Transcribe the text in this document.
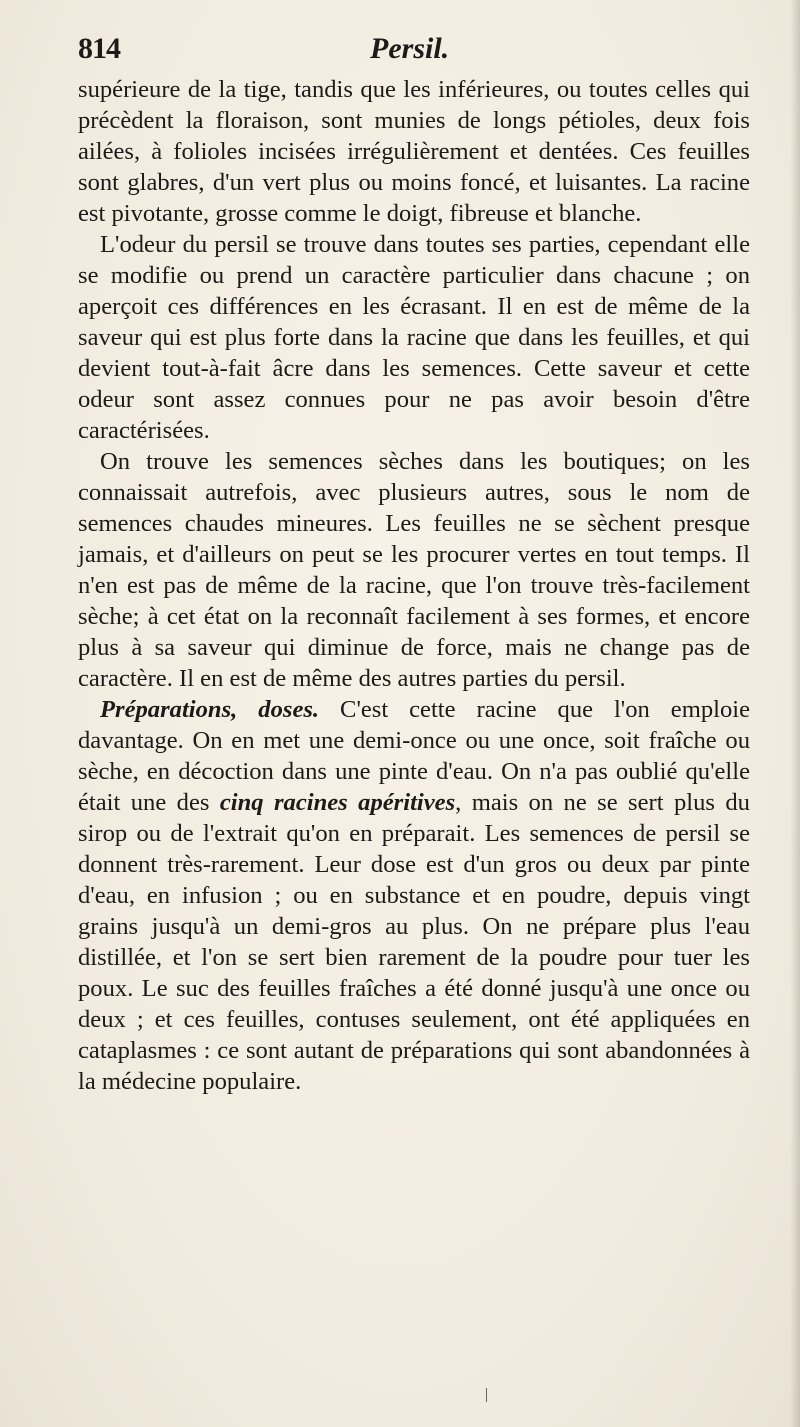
814	Persil.

supérieure de la tige, tandis que les inférieures, ou toutes celles qui précèdent la floraison, sont munies de longs pétioles, deux fois ailées, à folioles incisées irrégulièrement et dentées. Ces feuilles sont glabres, d'un vert plus ou moins foncé, et luisantes. La racine est pivotante, grosse comme le doigt, fibreuse et blanche.

L'odeur du persil se trouve dans toutes ses parties, cependant elle se modifie ou prend un caractère particulier dans chacune ; on aperçoit ces différences en les écrasant. Il en est de même de la saveur qui est plus forte dans la racine que dans les feuilles, et qui devient tout-à-fait âcre dans les semences. Cette saveur et cette odeur sont assez connues pour ne pas avoir besoin d'être caractérisées.

On trouve les semences sèches dans les boutiques; on les connaissait autrefois, avec plusieurs autres, sous le nom de semences chaudes mineures. Les feuilles ne se sèchent presque jamais, et d'ailleurs on peut se les procurer vertes en tout temps. Il n'en est pas de même de la racine, que l'on trouve très-facilement sèche; à cet état on la reconnaît facilement à ses formes, et encore plus à sa saveur qui diminue de force, mais ne change pas de caractère. Il en est de même des autres parties du persil.

Préparations, doses. C'est cette racine que l'on emploie davantage. On en met une demi-once ou une once, soit fraîche ou sèche, en décoction dans une pinte d'eau. On n'a pas oublié qu'elle était une des cinq racines apéritives, mais on ne se sert plus du sirop ou de l'extrait qu'on en préparait. Les semences de persil se donnent très-rarement. Leur dose est d'un gros ou deux par pinte d'eau, en infusion ; ou en substance et en poudre, depuis vingt grains jusqu'à un demi-gros au plus. On ne prépare plus l'eau distillée, et l'on se sert bien rarement de la poudre pour tuer les poux. Le suc des feuilles fraîches a été donné jusqu'à une once ou deux ; et ces feuilles, contuses seulement, ont été appliquées en cataplasmes : ce sont autant de préparations qui sont abandonnées à la médecine populaire.
